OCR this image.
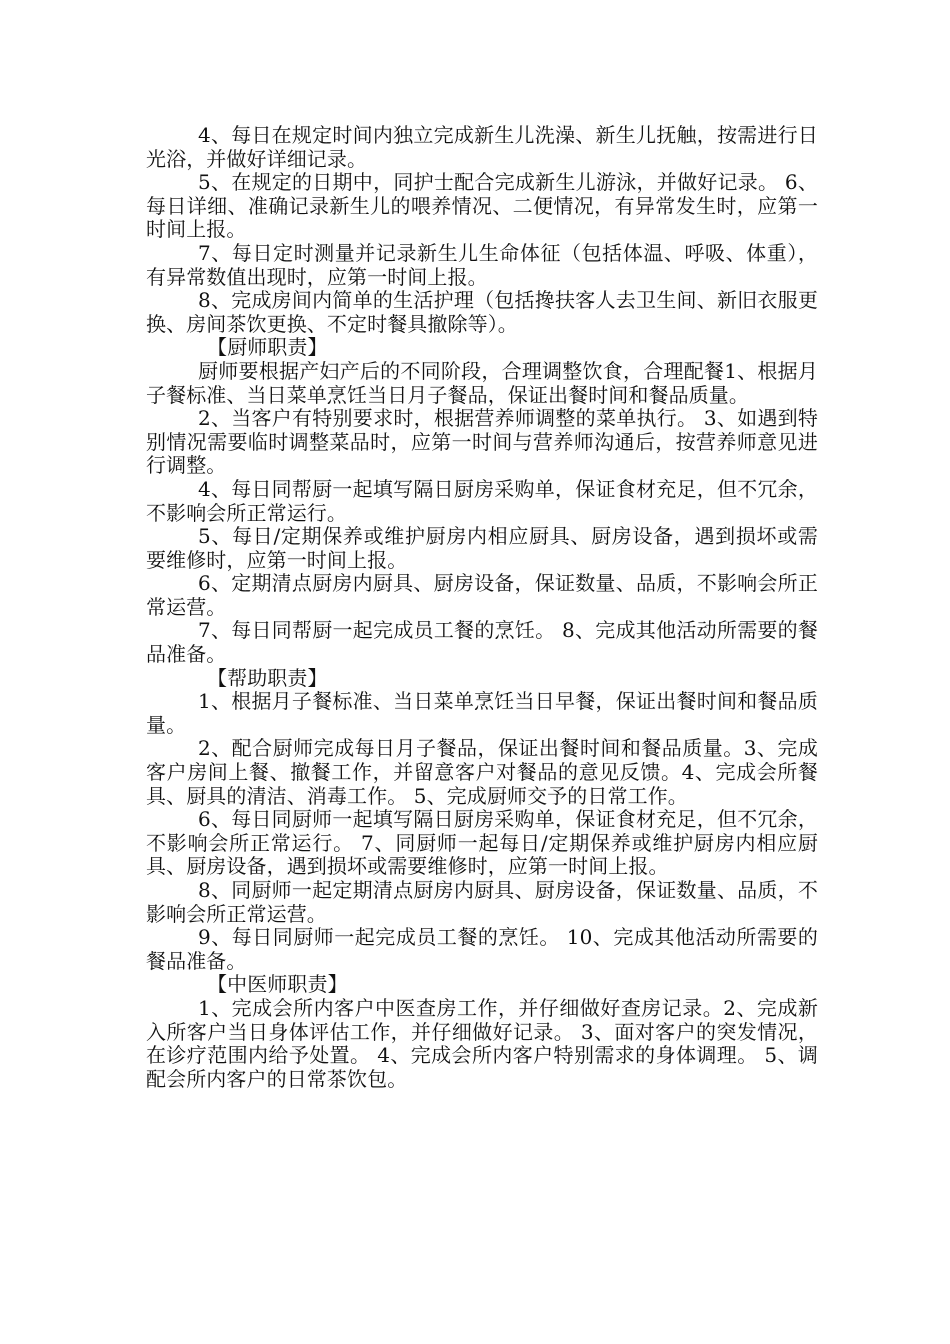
4、每日在规定时间内独立完成新生儿洗澡、新生儿抚触，按需进行日光浴，并做好详细记录。

5、在规定的日期中，同护士配合完成新生儿游泳，并做好记录。 6、每日详细、准确记录新生儿的喂养情况、二便情况，有异常发生时，应第一时间上报。

7、每日定时测量并记录新生儿生命体征（包括体温、呼吸、体重），有异常数值出现时，应第一时间上报。

8、完成房间内简单的生活护理（包括搀扶客人去卫生间、新旧衣服更换、房间茶饮更换、不定时餐具撤除等）。

【厨师职责】

厨师要根据产妇产后的不同阶段，合理调整饮食，合理配餐1、根据月子餐标准、当日菜单烹饪当日月子餐品，保证出餐时间和餐品质量。

2、当客户有特别要求时，根据营养师调整的菜单执行。 3、如遇到特别情况需要临时调整菜品时，应第一时间与营养师沟通后，按营养师意见进行调整。

4、每日同帮厨一起填写隔日厨房采购单，保证食材充足，但不冗余，不影响会所正常运行。

5、每日/定期保养或维护厨房内相应厨具、厨房设备，遇到损坏或需要维修时，应第一时间上报。

6、定期清点厨房内厨具、厨房设备，保证数量、品质，不影响会所正常运营。

7、每日同帮厨一起完成员工餐的烹饪。 8、完成其他活动所需要的餐品准备。

【帮助职责】

1、根据月子餐标准、当日菜单烹饪当日早餐，保证出餐时间和餐品质量。

2、配合厨师完成每日月子餐品，保证出餐时间和餐品质量。3、完成客户房间上餐、撤餐工作，并留意客户对餐品的意见反馈。4、完成会所餐具、厨具的清洁、消毒工作。 5、完成厨师交予的日常工作。

6、每日同厨师一起填写隔日厨房采购单，保证食材充足，但不冗余，不影响会所正常运行。 7、同厨师一起每日/定期保养或维护厨房内相应厨具、厨房设备，遇到损坏或需要维修时，应第一时间上报。

8、同厨师一起定期清点厨房内厨具、厨房设备，保证数量、品质，不影响会所正常运营。

9、每日同厨师一起完成员工餐的烹饪。 10、完成其他活动所需要的餐品准备。

【中医师职责】

1、完成会所内客户中医查房工作，并仔细做好查房记录。2、完成新入所客户当日身体评估工作，并仔细做好记录。 3、面对客户的突发情况，在诊疗范围内给予处置。 4、完成会所内客户特别需求的身体调理。 5、调配会所内客户的日常茶饮包。
